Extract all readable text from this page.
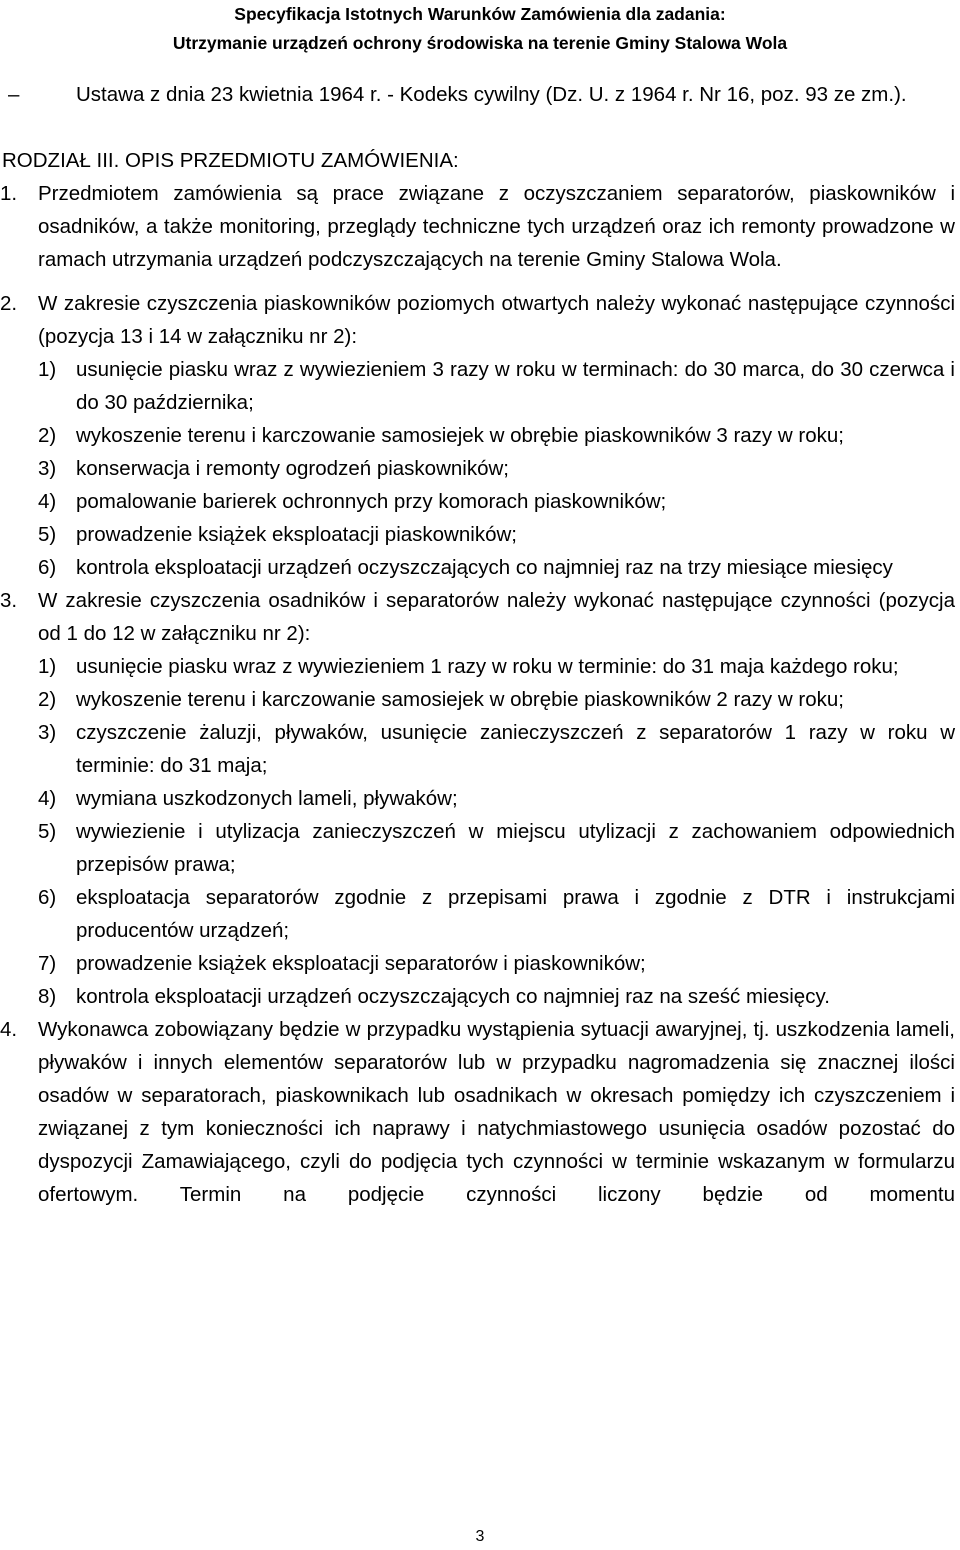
Specyfikacja Istotnych Warunków Zamówienia dla zadania:
Utrzymanie urządzeń ochrony środowiska na terenie Gminy Stalowa Wola
–	Ustawa z dnia 23 kwietnia 1964 r. - Kodeks cywilny (Dz. U. z 1964 r. Nr 16, poz. 93 ze zm.).
RODZIAŁ III. OPIS PRZEDMIOTU ZAMÓWIENIA:
1. Przedmiotem zamówienia są prace związane z oczyszczaniem separatorów, piaskowników i osadników, a także monitoring, przeglądy techniczne tych urządzeń oraz ich remonty prowadzone w ramach utrzymania urządzeń podczyszczających na terenie Gminy Stalowa Wola.
2. W zakresie czyszczenia piaskowników poziomych otwartych należy wykonać następujące czynności (pozycja 13 i 14 w załączniku nr 2):
1) usunięcie piasku wraz z wywiezieniem 3 razy w roku w terminach: do 30 marca, do 30 czerwca i do 30 października;
2) wykoszenie terenu i karczowanie samosiejek w obrębie piaskowników 3 razy w roku;
3) konserwacja i remonty ogrodzeń piaskowników;
4) pomalowanie barierek ochronnych przy komorach piaskowników;
5) prowadzenie książek eksploatacji piaskowników;
6) kontrola eksploatacji urządzeń oczyszczających co najmniej raz na trzy miesiące miesięcy
3. W zakresie czyszczenia osadników i separatorów należy wykonać następujące czynności (pozycja od 1 do 12 w załączniku nr 2):
1) usunięcie piasku wraz z wywiezieniem 1 razy w roku w terminie: do 31 maja każdego roku;
2) wykoszenie terenu i karczowanie samosiejek w obrębie piaskowników 2 razy w roku;
3) czyszczenie żaluzji, pływaków, usunięcie zanieczyszczeń z separatorów 1 razy w roku w terminie: do 31 maja;
4) wymiana uszkodzonych lameli, pływaków;
5) wywiezienie i utylizacja zanieczyszczeń w miejscu utylizacji z zachowaniem odpowiednich przepisów prawa;
6) eksploatacja separatorów zgodnie z przepisami prawa i zgodnie z DTR i instrukcjami producentów urządzeń;
7) prowadzenie książek eksploatacji separatorów i piaskowników;
8) kontrola eksploatacji urządzeń oczyszczających co najmniej raz na sześć miesięcy.
4. Wykonawca zobowiązany będzie w przypadku wystąpienia sytuacji awaryjnej, tj. uszkodzenia lameli, pływaków i innych elementów separatorów lub w przypadku nagromadzenia się znacznej ilości osadów w separatorach, piaskownikach lub osadnikach w okresach pomiędzy ich czyszczeniem i związanej z tym konieczności ich naprawy i natychmiastowego usunięcia osadów pozostać do dyspozycji Zamawiającego, czyli do podjęcia tych czynności w terminie wskazanym w formularzu ofertowym. Termin na podjęcie czynności liczony będzie od momentu
3
